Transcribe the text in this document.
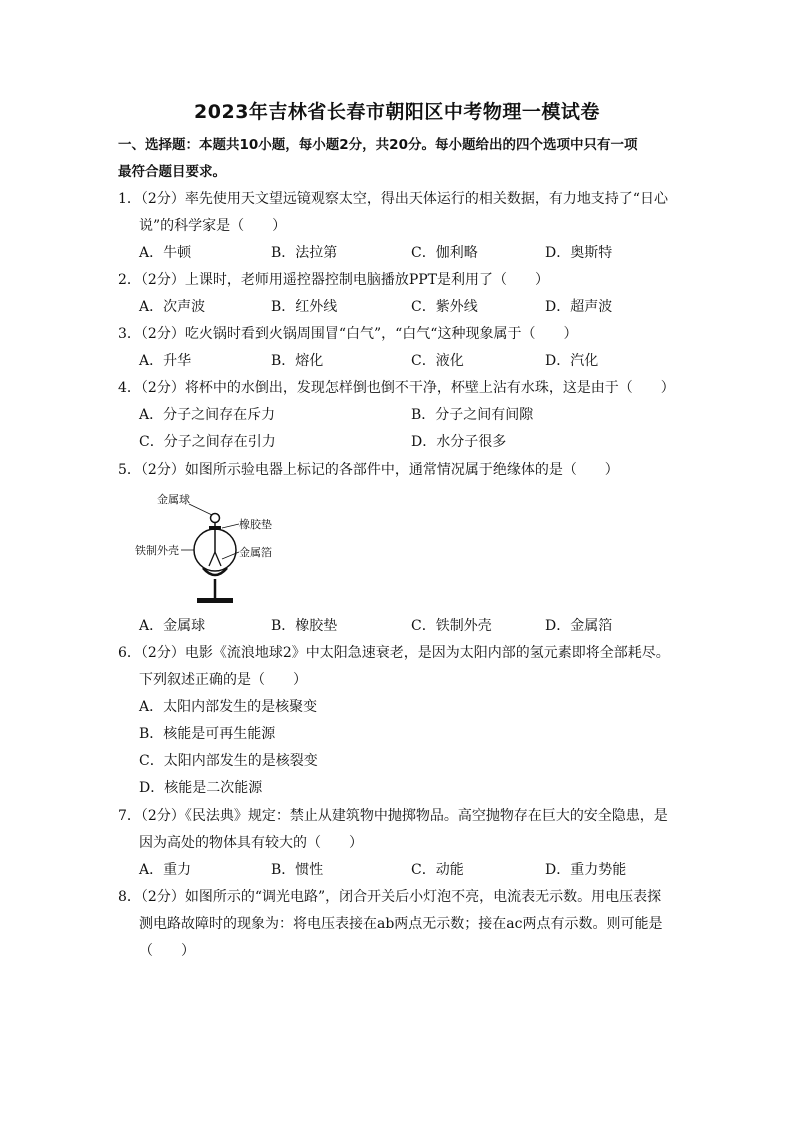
2023年吉林省长春市朝阳区中考物理一模试卷
一、选择题：本题共10小题，每小题2分，共20分。每小题给出的四个选项中只有一项
最符合题目要求。
1．（2分）率先使用天文望远镜观察太空，得出天体运行的相关数据，有力地支持了“日心
说”的科学家是（　　）
A．牛顿	B．法拉第	C．伽利略	D．奥斯特
2．（2分）上课时，老师用遥控器控制电脑播放PPT是利用了（　　）
A．次声波	B．红外线	C．紫外线	D．超声波
3．（2分）吃火锅时看到火锅周围冒“白气”，“白气“这种现象属于（　　）
A．升华	B．熔化	C．液化	D．汽化
4．（2分）将杯中的水倒出，发现怎样倒也倒不干净，杯壁上沾有水珠，这是由于（　　）
A．分子之间存在斥力	B．分子之间有间隙
C．分子之间存在引力	D．水分子很多
5．（2分）如图所示验电器上标记的各部件中，通常情况属于绝缘体的是（　　）
金属球
橡胶垫
铁制外壳	金属箔
A．金属球	B．橡胶垫	C．铁制外壳	D．金属箔
6．（2分）电影《流浪地球2》中太阳急速衰老，是因为太阳内部的氢元素即将全部耗尽。
下列叙述正确的是（　　）
A．太阳内部发生的是核聚变
B．核能是可再生能源
C．太阳内部发生的是核裂变
D．核能是二次能源
7．（2分）《民法典》规定：禁止从建筑物中抛掷物品。高空抛物存在巨大的安全隐患，是
因为高处的物体具有较大的（　　）
A．重力	B．惯性	C．动能	D．重力势能
8．（2分）如图所示的“调光电路”，闭合开关后小灯泡不亮，电流表无示数。用电压表探
测电路故障时的现象为：将电压表接在ab两点无示数；接在ac两点有示数。则可能是
（　　）
